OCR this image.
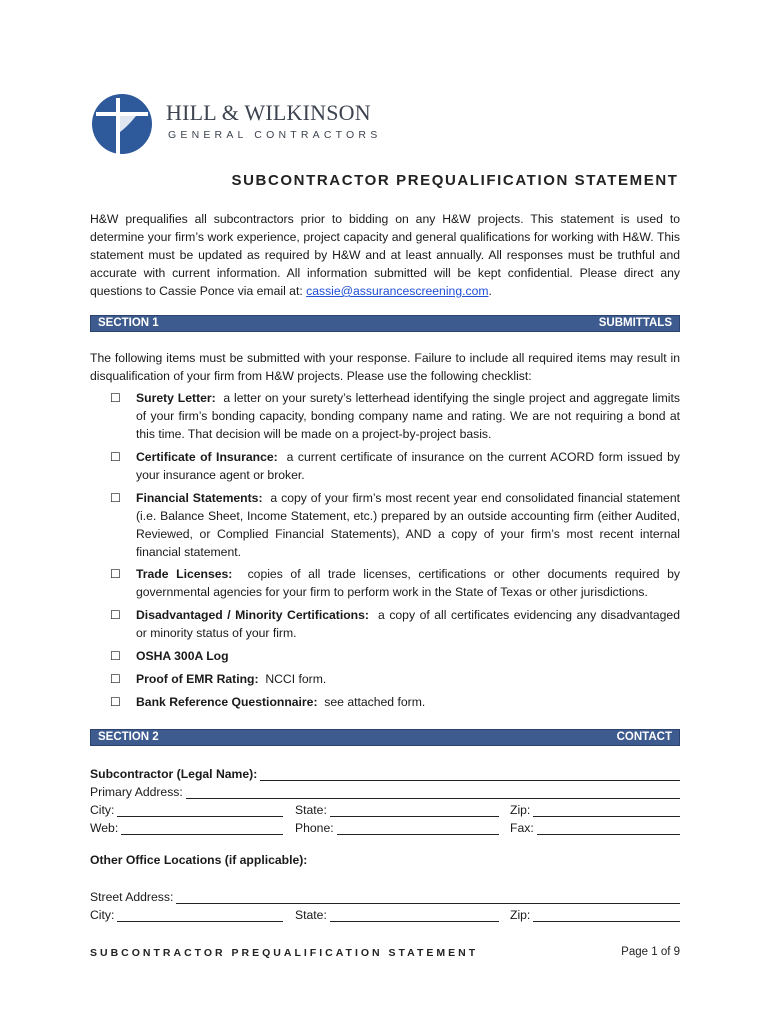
HILL & WILKINSON
GENERAL CONTRACTORS
SUBCONTRACTOR PREQUALIFICATION STATEMENT
H&W prequalifies all subcontractors prior to bidding on any H&W projects. This statement is used to determine your firm’s work experience, project capacity and general qualifications for working with H&W. This statement must be updated as required by H&W and at least annually. All responses must be truthful and accurate with current information. All information submitted will be kept confidential. Please direct any questions to Cassie Ponce via email at: cassie@assurancescreening.com.
SECTION 1	SUBMITTALS
The following items must be submitted with your response. Failure to include all required items may result in disqualification of your firm from H&W projects. Please use the following checklist:
☐ Surety Letter: a letter on your surety’s letterhead identifying the single project and aggregate limits of your firm’s bonding capacity, bonding company name and rating. We are not requiring a bond at this time. That decision will be made on a project-by-project basis.
☐ Certificate of Insurance: a current certificate of insurance on the current ACORD form issued by your insurance agent or broker.
☐ Financial Statements: a copy of your firm’s most recent year end consolidated financial statement (i.e. Balance Sheet, Income Statement, etc.) prepared by an outside accounting firm (either Audited, Reviewed, or Complied Financial Statements), AND a copy of your firm’s most recent internal financial statement.
☐ Trade Licenses: copies of all trade licenses, certifications or other documents required by governmental agencies for your firm to perform work in the State of Texas or other jurisdictions.
☐ Disadvantaged / Minority Certifications: a copy of all certificates evidencing any disadvantaged or minority status of your firm.
☐ OSHA 300A Log
☐ Proof of EMR Rating: NCCI form.
☐ Bank Reference Questionnaire: see attached form.
SECTION 2	CONTACT
Subcontractor (Legal Name):
Primary Address:
City:	State:	Zip:
Web:	Phone:	Fax:
Other Office Locations (if applicable):
Street Address:
City:	State:	Zip:
SUBCONTRACTOR PREQUALIFICATION STATEMENT	Page 1 of 9
